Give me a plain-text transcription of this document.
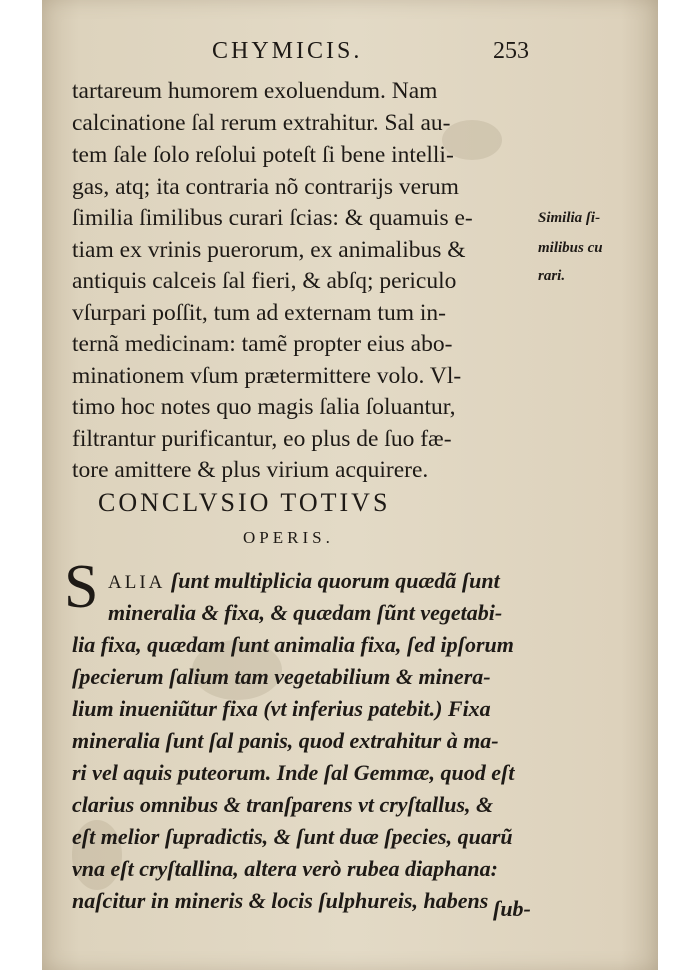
CHYMICIS.	253
tartareum humorem exoluendum. Nam
calcinatione ſal rerum extrahitur. Sal au-
tem ſale ſolo reſolui poteſt ſi bene intelli-
gas, atq; ita contraria nõ contrarijs verum
ſimilia ſimilibus curari ſcias: & quamuis e-
tiam ex vrinis puerorum, ex animalibus &
antiquis calceis ſal fieri, & abſq; periculo
vſurpari poſſit, tum ad externam tum in-
ternã medicinam: tamẽ propter eius abo-
minationem vſum prætermittere volo. Vl-
timo hoc notes quo magis ſalia ſoluantur,
filtrantur purificantur, eo plus de ſuo fæ-
tore amittere & plus virium acquirere.
Similia ſi-
milibus cu
rari.
CONCLVSIO TOTIVS
OPERIS.
S ALIA ſunt multiplicia quorum quædã ſunt
mineralia & fixa, & quædam ſũnt vegetabi-
lia fixa, quædam ſunt animalia fixa, ſed ipſorum
ſpecierum ſalium tam vegetabilium & minera-
lium inueniũtur fixa (vt inferius patebit.) Fixa
mineralia ſunt ſal panis, quod extrahitur à ma-
ri vel aquis puteorum. Inde ſal Gemmæ, quod eſt
clarius omnibus & tranſparens vt cryſtallus, &
eſt melior ſupradictis, & ſunt duæ ſpecies, quarũ
vna eſt cryſtallina, altera verò rubea diaphana:
naſcitur in mineris & locis ſulphureis, habens ſub-
